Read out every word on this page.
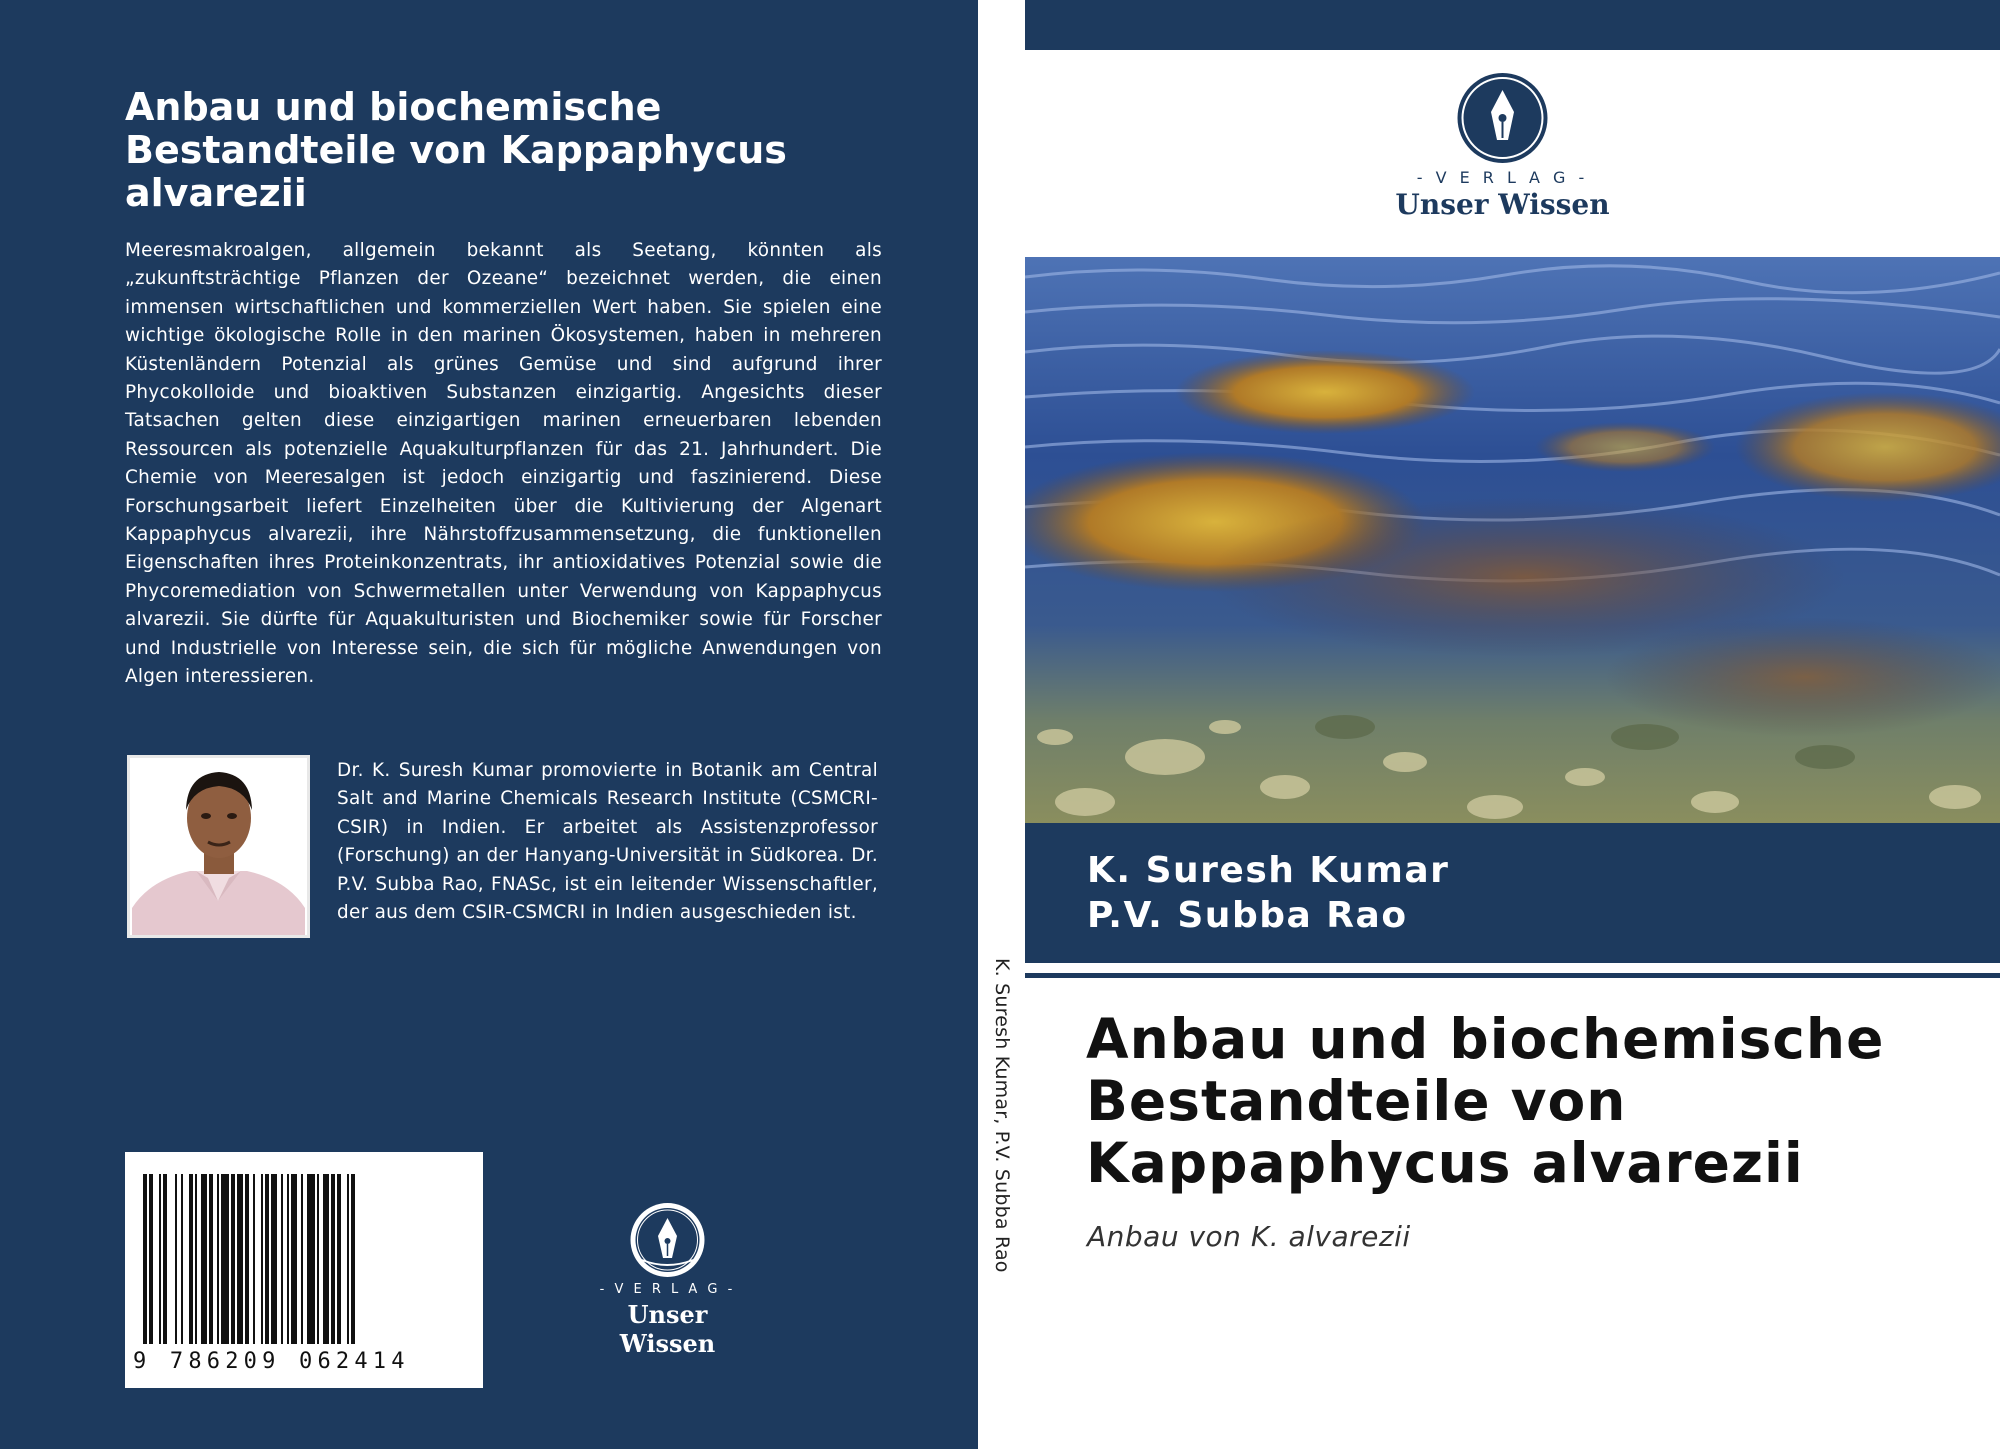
Anbau und biochemische Bestandteile von Kappaphycus alvarezii

Meeresmakroalgen, allgemein bekannt als Seetang, könnten als „zukunftsträchtige Pflanzen der Ozeane“ bezeichnet werden, die einen immensen wirtschaftlichen und kommerziellen Wert haben. Sie spielen eine wichtige ökologische Rolle in den marinen Ökosystemen, haben in mehreren Küstenländern Potenzial als grünes Gemüse und sind aufgrund ihrer Phycokolloide und bioaktiven Substanzen einzigartig. Angesichts dieser Tatsachen gelten diese einzigartigen marinen erneuerbaren lebenden Ressourcen als potenzielle Aquakulturpflanzen für das 21. Jahrhundert. Die Chemie von Meeresalgen ist jedoch einzigartig und faszinierend. Diese Forschungsarbeit liefert Einzelheiten über die Kultivierung der Algenart Kappaphycus alvarezii, ihre Nährstoffzusammensetzung, die funktionellen Eigenschaften ihres Proteinkonzentrats, ihr antioxidatives Potenzial sowie die Phycoremediation von Schwermetallen unter Verwendung von Kappaphycus alvarezii. Sie dürfte für Aquakulturisten und Biochemiker sowie für Forscher und Industrielle von Interesse sein, die sich für mögliche Anwendungen von Algen interessieren.

Dr. K. Suresh Kumar promovierte in Botanik am Central Salt and Marine Chemicals Research Institute (CSMCRI-CSIR) in Indien. Er arbeitet als Assistenzprofessor (Forschung) an der Hanyang-Universität in Südkorea. Dr. P.V. Subba Rao, FNASc, ist ein leitender Wissenschaftler, der aus dem CSIR-CSMCRI in Indien ausgeschieden ist.

9 786209 062414
- V E R L A G -
Unser Wissen
K. Suresh Kumar, P.V. Subba Rao
- V E R L A G -
Unser Wissen
K. Suresh Kumar
P.V. Subba Rao
Anbau und biochemische Bestandteile von Kappaphycus alvarezii

Anbau von K. alvarezii
